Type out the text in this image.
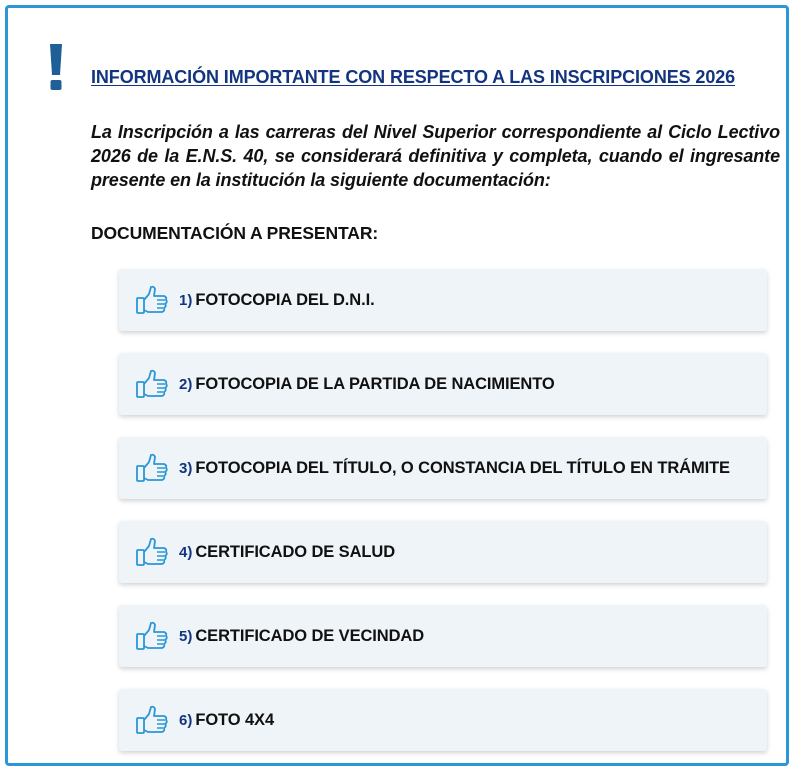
INFORMACIÓN IMPORTANTE CON RESPECTO A LAS INSCRIPCIONES 2026

La Inscripción a las carreras del Nivel Superior correspondiente al Ciclo Lectivo 2026 de la E.N.S. 40, se considerará definitiva y completa, cuando el ingresante presente en la institución la siguiente documentación:

DOCUMENTACIÓN A PRESENTAR:
1) FOTOCOPIA DEL D.N.I.
2) FOTOCOPIA DE LA PARTIDA DE NACIMIENTO
3) FOTOCOPIA DEL TÍTULO, O CONSTANCIA DEL TÍTULO EN TRÁMITE
4) CERTIFICADO DE SALUD
5) CERTIFICADO DE VECINDAD
6) FOTO 4X4
